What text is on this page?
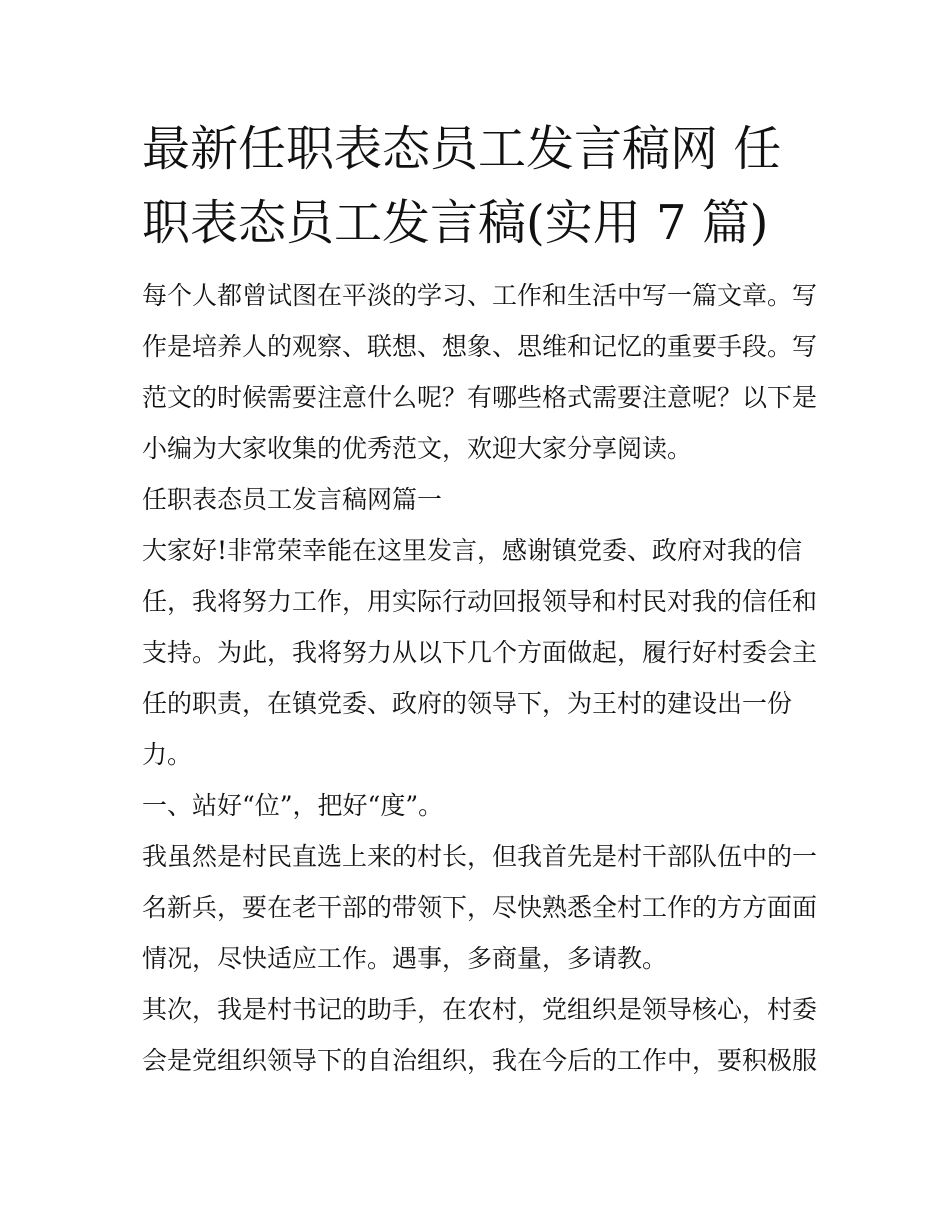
最新任职表态员工发言稿网 任
职表态员工发言稿(实用 7 篇)
每个人都曾试图在平淡的学习、工作和生活中写一篇文章。写
作是培养人的观察、联想、想象、思维和记忆的重要手段。写
范文的时候需要注意什么呢？有哪些格式需要注意呢？以下是
小编为大家收集的优秀范文，欢迎大家分享阅读。
任职表态员工发言稿网篇一
大家好!非常荣幸能在这里发言，感谢镇党委、政府对我的信
任，我将努力工作，用实际行动回报领导和村民对我的信任和
支持。为此，我将努力从以下几个方面做起，履行好村委会主
任的职责，在镇党委、政府的领导下，为王村的建设出一份
力。
一、站好“位”，把好“度”。
我虽然是村民直选上来的村长，但我首先是村干部队伍中的一
名新兵，要在老干部的带领下，尽快熟悉全村工作的方方面面
情况，尽快适应工作。遇事，多商量，多请教。
其次，我是村书记的助手，在农村，党组织是领导核心，村委
会是党组织领导下的自治组织，我在今后的工作中，要积极服
